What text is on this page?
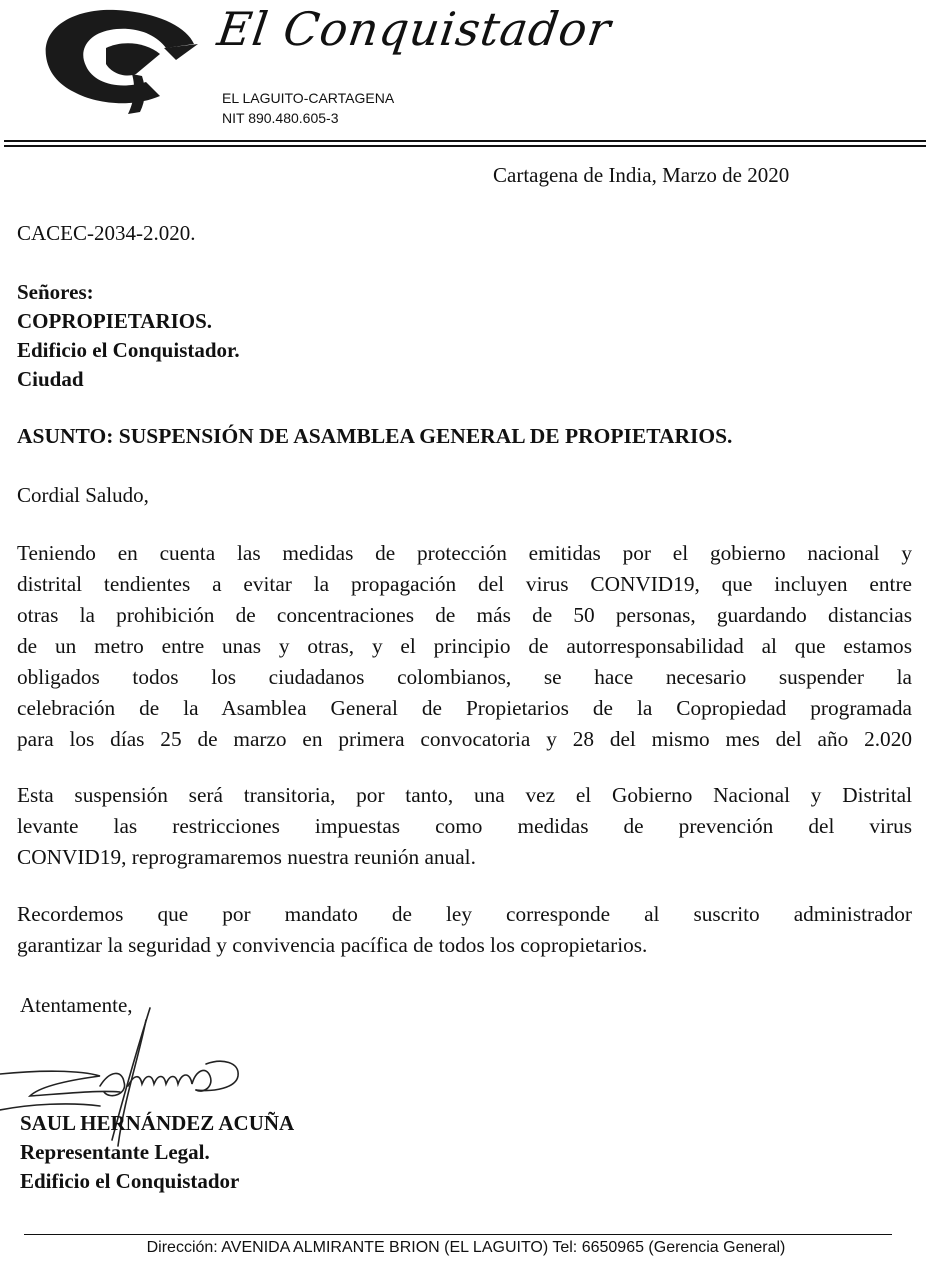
El Conquistador
EL LAGUITO-CARTAGENA
NIT 890.480.605-3
Cartagena de India, Marzo de 2020
CACEC-2034-2.020.
Señores:
COPROPIETARIOS.
Edificio el Conquistador.
Ciudad
ASUNTO: SUSPENSIÓN DE ASAMBLEA GENERAL DE PROPIETARIOS.
Cordial Saludo,
Teniendo en cuenta las medidas de protección emitidas por el gobierno nacional y
distrital tendientes a evitar la propagación del virus CONVID19, que incluyen entre
otras la prohibición de concentraciones de más de 50 personas, guardando distancias
de un metro entre unas y otras, y el principio de autorresponsabilidad al que estamos
obligados todos los ciudadanos colombianos, se hace necesario suspender la
celebración de la Asamblea General de Propietarios de la Copropiedad programada
para los días 25 de marzo en primera convocatoria y 28 del mismo mes del año 2.020
Esta suspensión será transitoria, por tanto, una vez el Gobierno Nacional y Distrital
levante las restricciones impuestas como medidas de prevención del virus
CONVID19, reprogramaremos nuestra reunión anual.
Recordemos que por mandato de ley corresponde al suscrito administrador
garantizar la seguridad y convivencia pacífica de todos los copropietarios.
Atentamente,
SAUL HERNÁNDEZ ACUÑA
Representante Legal.
Edificio el Conquistador
Dirección: AVENIDA ALMIRANTE BRION (EL LAGUITO) Tel: 6650965 (Gerencia General)
